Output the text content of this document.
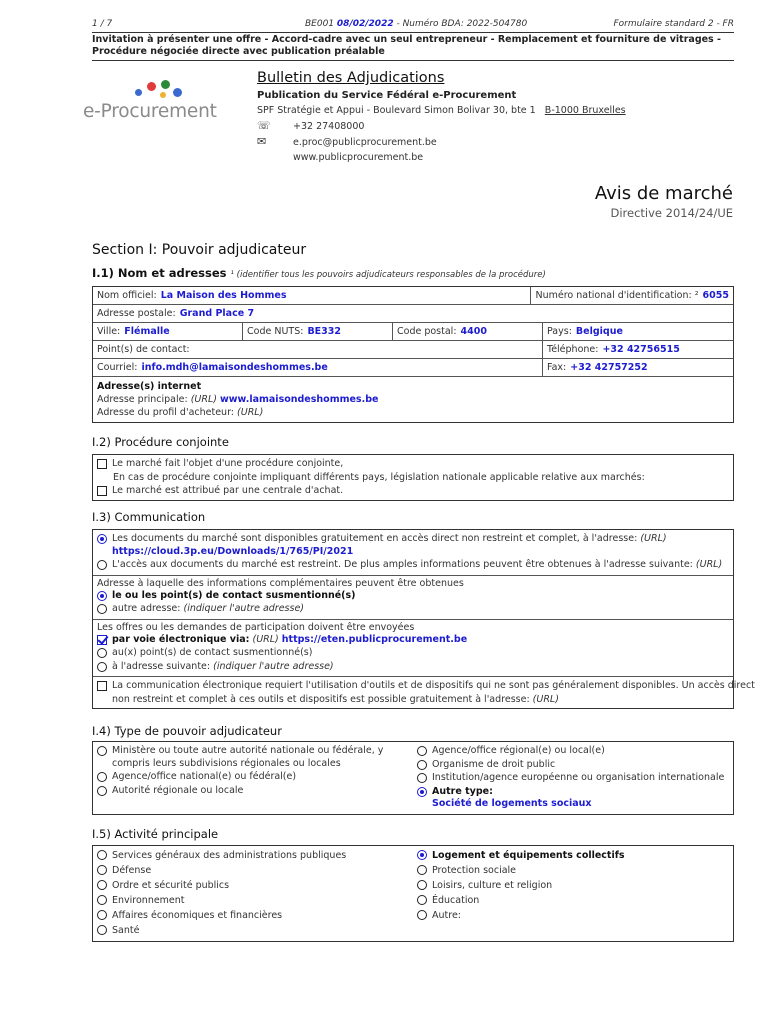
1 / 7	BE001 08/02/2022 - Numéro BDA: 2022-504780	Formulaire standard 2 - FR
Invitation à présenter une offre - Accord-cadre avec un seul entrepreneur - Remplacement et fourniture de vitrages - Procédure négociée directe avec publication préalable
e-Procurement
Bulletin des Adjudications
Publication du Service Fédéral e-Procurement
SPF Stratégie et Appui - Boulevard Simon Bolivar 30, bte 1 B-1000 Bruxelles
☏ +32 27408000
✉	e.proc@publicprocurement.be
www.publicprocurement.be
Avis de marché
Directive 2014/24/UE
Section I: Pouvoir adjudicateur
I.1) Nom et adresses ¹ (identifier tous les pouvoirs adjudicateurs responsables de la procédure)
Nom officiel: La Maison des Hommes	Numéro national d'identification: ² 6055
Adresse postale: Grand Place 7
Ville: Flémalle	Code NUTS: BE332	Code postal: 4400	Pays: Belgique
Point(s) de contact:	Téléphone: +32 42756515
Courriel: info.mdh@lamaisondeshommes.be	Fax: +32 42757252
Adresse(s) internet
Adresse principale: (URL) www.lamaisondeshommes.be
Adresse du profil d'acheteur: (URL)
I.2) Procédure conjointe
Le marché fait l'objet d'une procédure conjointe,
En cas de procédure conjointe impliquant différents pays, législation nationale applicable relative aux marchés:
Le marché est attribué par une centrale d'achat.
I.3) Communication
Les documents du marché sont disponibles gratuitement en accès direct non restreint et complet, à l'adresse: (URL)
https://cloud.3p.eu/Downloads/1/765/PI/2021
L'accès aux documents du marché est restreint. De plus amples informations peuvent être obtenues à l'adresse suivante: (URL)
Adresse à laquelle des informations complémentaires peuvent être obtenues
le ou les point(s) de contact susmentionné(s)
autre adresse: (indiquer l'autre adresse)
Les offres ou les demandes de participation doivent être envoyées
par voie électronique via: (URL) https://eten.publicprocurement.be
au(x) point(s) de contact susmentionné(s)
à l'adresse suivante: (indiquer l'autre adresse)
La communication électronique requiert l'utilisation d'outils et de dispositifs qui ne sont pas généralement disponibles. Un accès direct
non restreint et complet à ces outils et dispositifs est possible gratuitement à l'adresse: (URL)
I.4) Type de pouvoir adjudicateur
Ministère ou toute autre autorité nationale ou fédérale, y compris leurs subdivisions régionales ou locales
Agence/office national(e) ou fédéral(e)
Autorité régionale ou locale
Agence/office régional(e) ou local(e)
Organisme de droit public
Institution/agence européenne ou organisation internationale
Autre type:
Société de logements sociaux
I.5) Activité principale
Services généraux des administrations publiques
Défense
Ordre et sécurité publics
Environnement
Affaires économiques et financières
Santé
Logement et équipements collectifs
Protection sociale
Loisirs, culture et religion
Éducation
Autre:
